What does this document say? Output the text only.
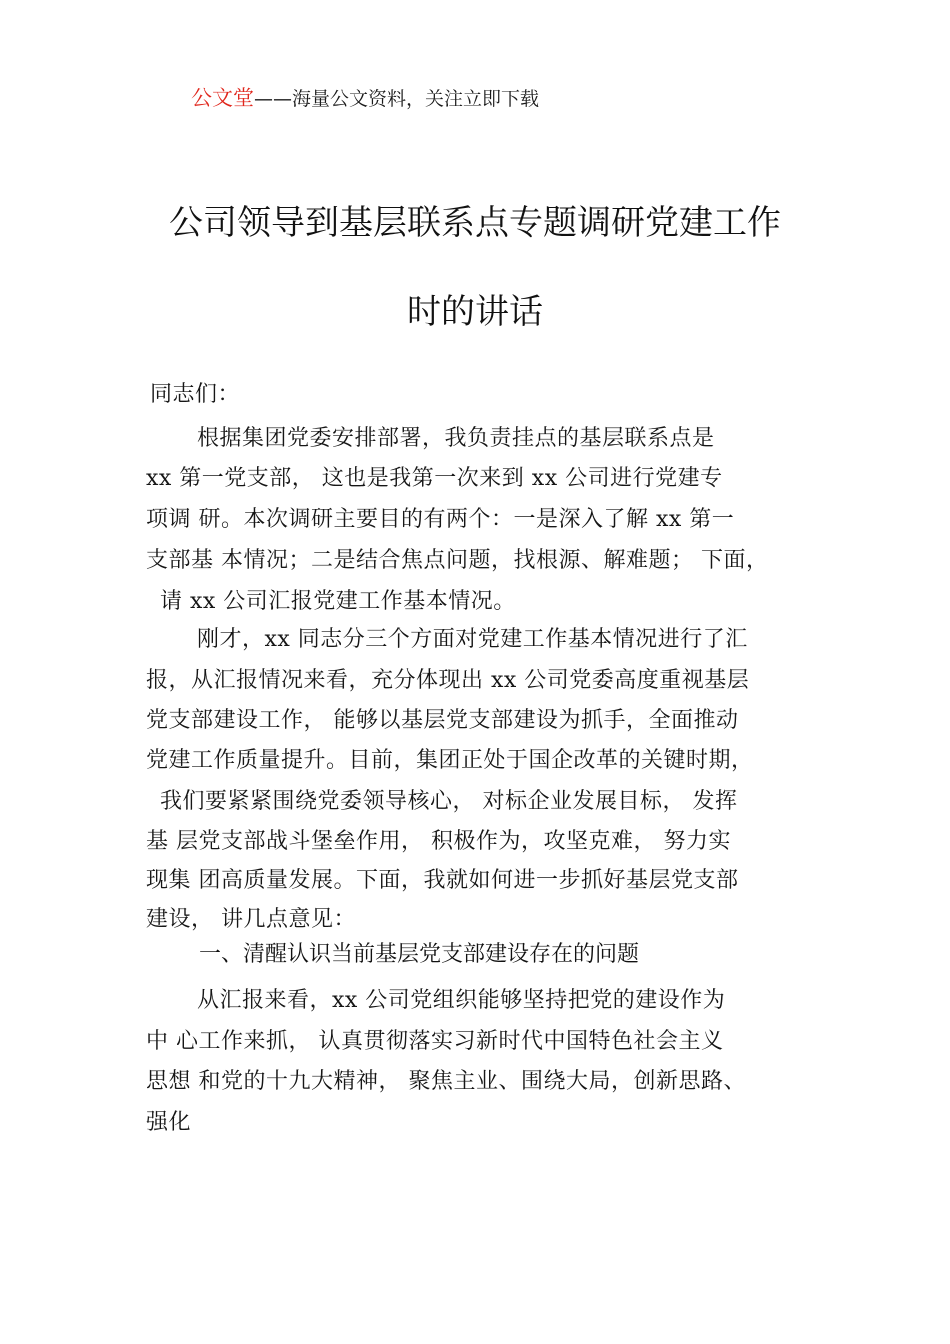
公文堂——海量公文资料，关注立即下载
公司领导到基层联系点专题调研党建工作
时的讲话
同志们：
根据集团党委安排部署，我负责挂点的基层联系点是
xx 第一党支部， 这也是我第一次来到 xx 公司进行党建专
项调 研。本次调研主要目的有两个：一是深入了解 xx 第一
支部基 本情况；二是结合焦点问题，找根源、解难题； 下面，
请 xx 公司汇报党建工作基本情况。
刚才，xx 同志分三个方面对党建工作基本情况进行了汇
报，从汇报情况来看，充分体现出 xx 公司党委高度重视基层
党支部建设工作， 能够以基层党支部建设为抓手，全面推动
党建工作质量提升。目前，集团正处于国企改革的关键时期，
我们要紧紧围绕党委领导核心， 对标企业发展目标， 发挥
基 层党支部战斗堡垒作用， 积极作为，攻坚克难， 努力实
现集 团高质量发展。下面，我就如何进一步抓好基层党支部
建设， 讲几点意见：
一、清醒认识当前基层党支部建设存在的问题
从汇报来看，xx 公司党组织能够坚持把党的建设作为
中 心工作来抓， 认真贯彻落实习新时代中国特色社会主义
思想 和党的十九大精神， 聚焦主业、围绕大局，创新思路、
强化
